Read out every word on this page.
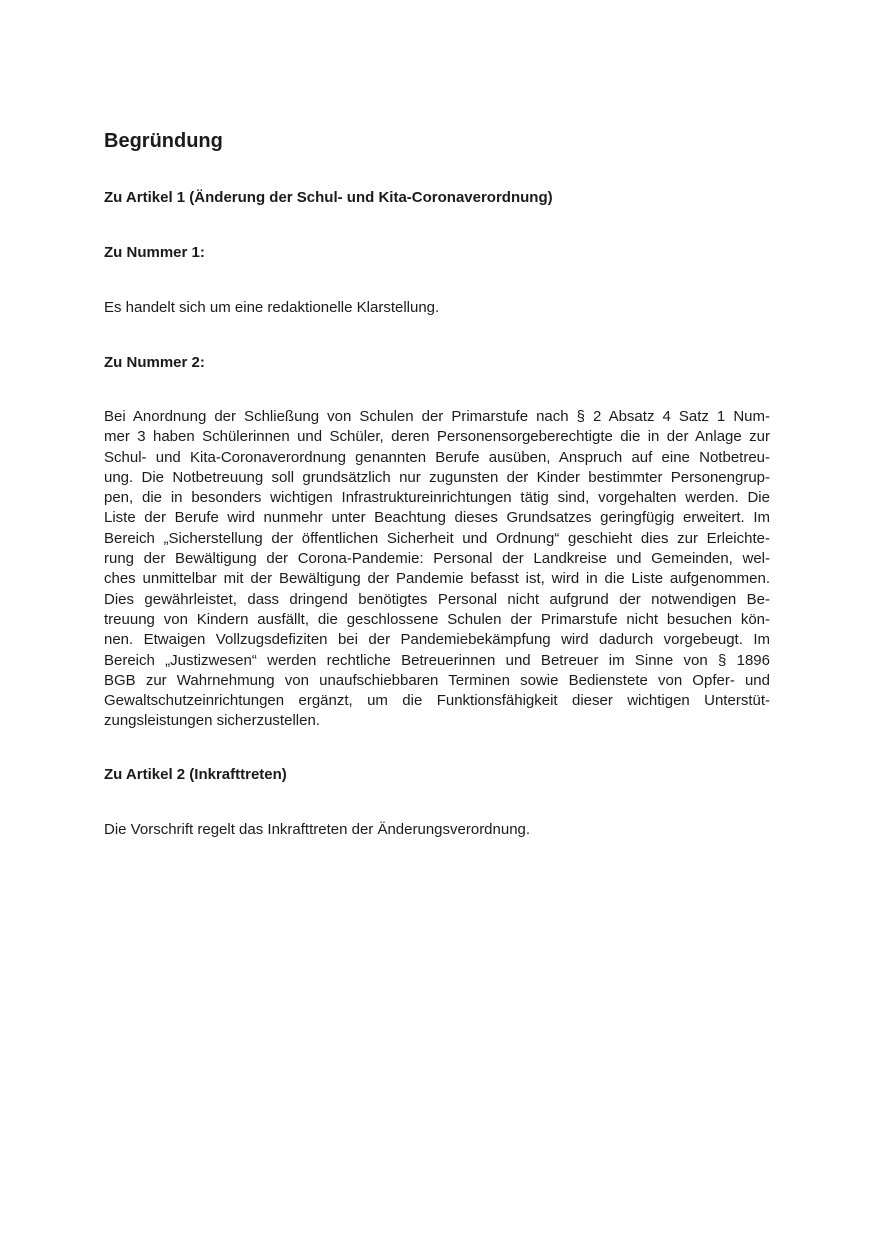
Begründung
Zu Artikel 1 (Änderung der Schul- und Kita-Coronaverordnung)
Zu Nummer 1:

Es handelt sich um eine redaktionelle Klarstellung.

Zu Nummer 2:
Bei Anordnung der Schließung von Schulen der Primarstufe nach § 2 Absatz 4 Satz 1 Num-
mer 3 haben Schülerinnen und Schüler, deren Personensorgeberechtigte die in der Anlage zur
Schul- und Kita-Coronaverordnung genannten Berufe ausüben, Anspruch auf eine Notbetreu-
ung. Die Notbetreuung soll grundsätzlich nur zugunsten der Kinder bestimmter Personengrup-
pen, die in besonders wichtigen Infrastruktureinrichtungen tätig sind, vorgehalten werden. Die
Liste der Berufe wird nunmehr unter Beachtung dieses Grundsatzes geringfügig erweitert. Im
Bereich „Sicherstellung der öffentlichen Sicherheit und Ordnung“ geschieht dies zur Erleichte-
rung der Bewältigung der Corona-Pandemie: Personal der Landkreise und Gemeinden, wel-
ches unmittelbar mit der Bewältigung der Pandemie befasst ist, wird in die Liste aufgenommen.
Dies gewährleistet, dass dringend benötigtes Personal nicht aufgrund der notwendigen Be-
treuung von Kindern ausfällt, die geschlossene Schulen der Primarstufe nicht besuchen kön-
nen. Etwaigen Vollzugsdefiziten bei der Pandemiebekämpfung wird dadurch vorgebeugt. Im
Bereich „Justizwesen“ werden rechtliche Betreuerinnen und Betreuer im Sinne von § 1896
BGB zur Wahrnehmung von unaufschiebbaren Terminen sowie Bedienstete von Opfer- und
Gewaltschutzeinrichtungen ergänzt, um die Funktionsfähigkeit dieser wichtigen Unterstüt-
zungsleistungen sicherzustellen.
Zu Artikel 2 (Inkrafttreten)

Die Vorschrift regelt das Inkrafttreten der Änderungsverordnung.
